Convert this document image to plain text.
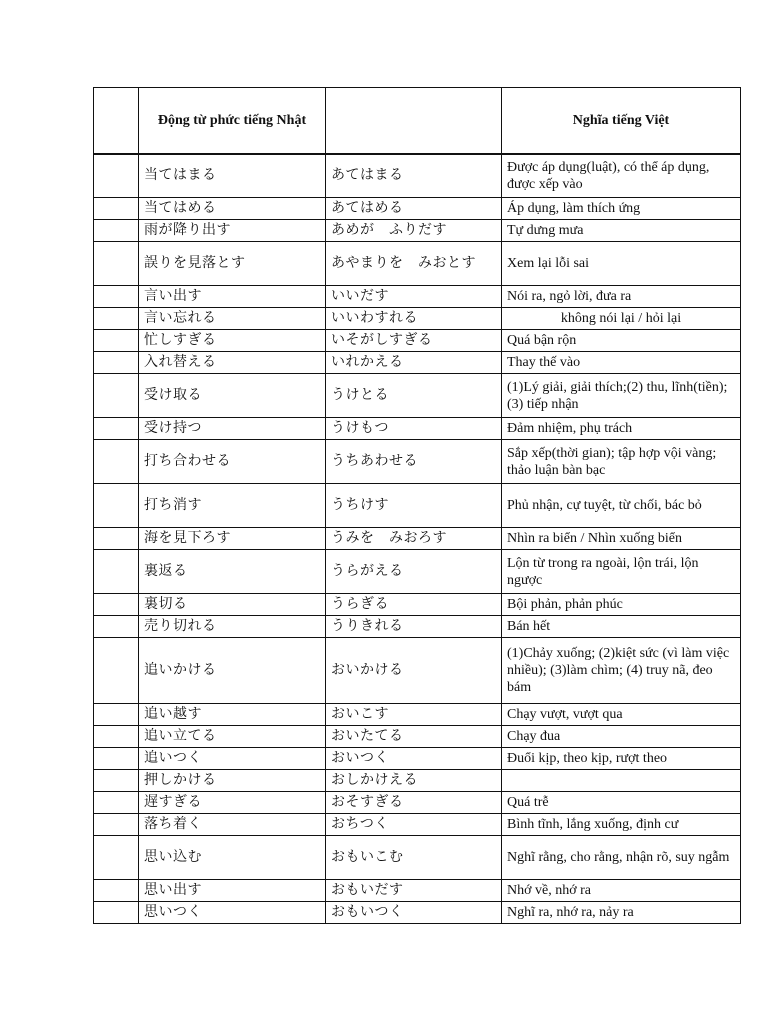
	Động từ phức tiếng Nhật		Nghĩa tiếng Việt
	当てはまる	あてはまる	Được áp dụng(luật), có thể áp dụng, được xếp vào
	当てはめる	あてはめる	Áp dụng, làm thích ứng
	雨が降り出す	あめが　ふりだす	Tự dưng mưa
	誤りを見落とす	あやまりを　みおとす	Xem lại lỗi sai
	言い出す	いいだす	Nói ra, ngỏ lời, đưa ra
	言い忘れる	いいわすれる	không nói lại / hỏi lại
	忙しすぎる	いそがしすぎる	Quá bận rộn
	入れ替える	いれかえる	Thay thế vào
	受け取る	うけとる	(1)Lý giải, giải thích;(2) thu, lĩnh(tiền);(3) tiếp nhận
	受け持つ	うけもつ	Đảm nhiệm, phụ trách
	打ち合わせる	うちあわせる	Sắp xếp(thời gian); tập hợp vội vàng; thảo luận bàn bạc
	打ち消す	うちけす	Phủ nhận, cự tuyệt, từ chối, bác bỏ
	海を見下ろす	うみを　みおろす	Nhìn ra biển / Nhìn xuống biển
	裏返る	うらがえる	Lộn từ trong ra ngoài, lộn trái, lộn ngược
	裏切る	うらぎる	Bội phản, phản phúc
	売り切れる	うりきれる	Bán hết
	追いかける	おいかける	(1)Chảy xuống; (2)kiệt sức (vì làm việc nhiều); (3)làm chìm; (4) truy nã, đeo bám
	追い越す	おいこす	Chạy vượt, vượt qua
	追い立てる	おいたてる	Chạy đua
	追いつく	おいつく	Đuổi kịp, theo kịp, rượt theo
	押しかける	おしかけえる	
	遅すぎる	おそすぎる	Quá trễ
	落ち着く	おちつく	Bình tĩnh, lắng xuống, định cư
	思い込む	おもいこむ	Nghĩ rằng, cho rằng, nhận rõ, suy ngẫm
	思い出す	おもいだす	Nhớ về, nhớ ra
	思いつく	おもいつく	Nghĩ ra, nhớ ra, nảy ra
